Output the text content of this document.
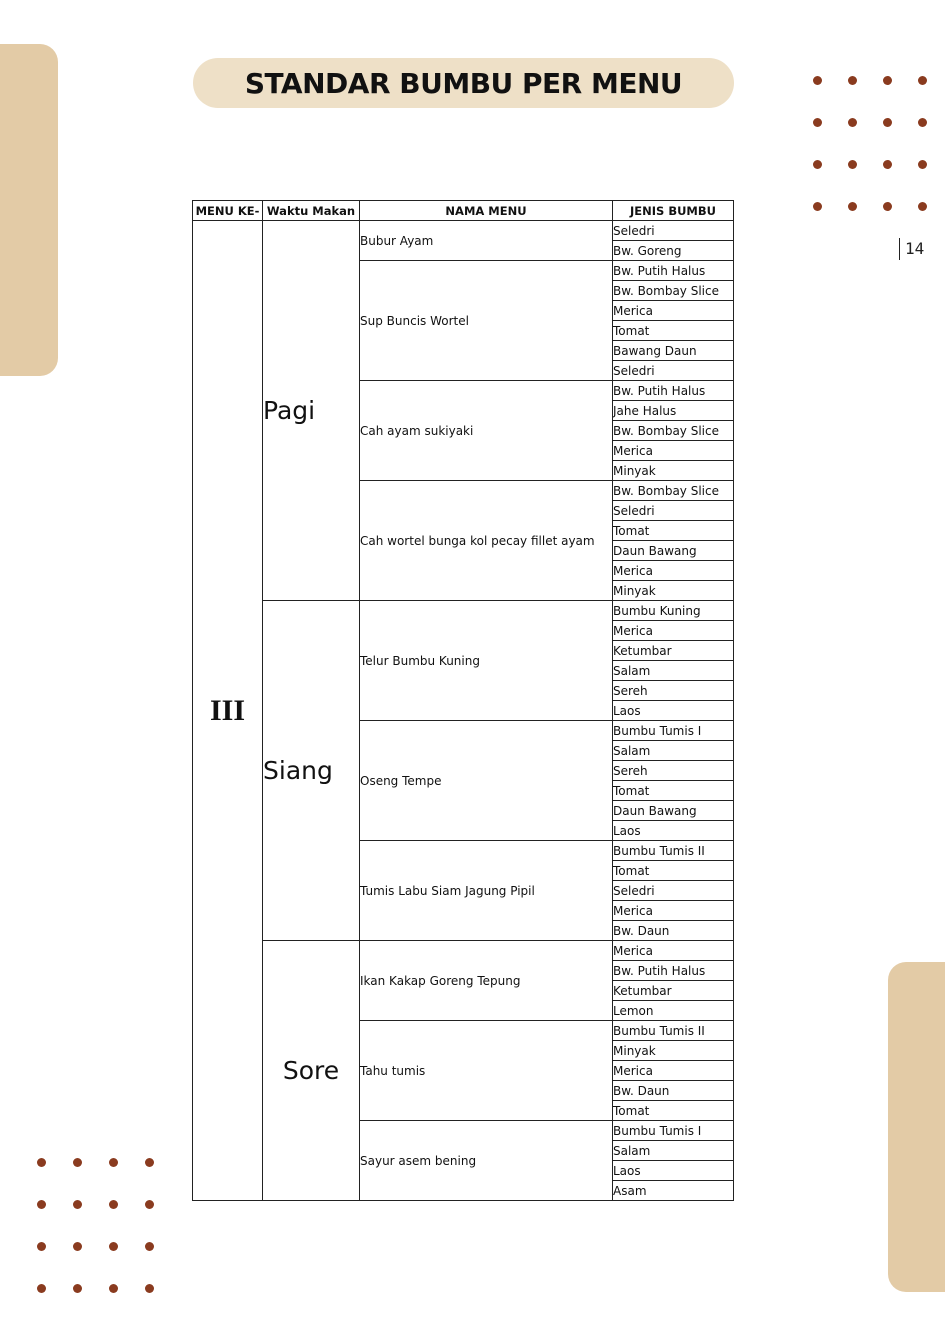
STANDAR BUMBU PER MENU
14
MENU KE-	Waktu Makan	NAMA MENU	JENIS BUMBU
III	Pagi	Bubur Ayam	Seledri
			Bw. Goreng
		Sup Buncis Wortel	Bw. Putih Halus
			Bw. Bombay Slice
			Merica
			Tomat
			Bawang Daun
			Seledri
		Cah ayam sukiyaki	Bw. Putih Halus
			Jahe Halus
			Bw. Bombay Slice
			Merica
			Minyak
		Cah wortel bunga kol pecay fillet ayam	Bw. Bombay Slice
			Seledri
			Tomat
			Daun Bawang
			Merica
			Minyak
	Siang	Telur Bumbu Kuning	Bumbu Kuning
			Merica
			Ketumbar
			Salam
			Sereh
			Laos
		Oseng Tempe	Bumbu Tumis I
			Salam
			Sereh
			Tomat
			Daun Bawang
			Laos
		Tumis Labu Siam Jagung Pipil	Bumbu Tumis II
			Tomat
			Seledri
			Merica
			Bw. Daun
	Sore	Ikan Kakap Goreng Tepung	Merica
			Bw. Putih Halus
			Ketumbar
			Lemon
		Tahu tumis	Bumbu Tumis II
			Minyak
			Merica
			Bw. Daun
			Tomat
		Sayur asem bening	Bumbu Tumis I
			Salam
			Laos
			Asam
